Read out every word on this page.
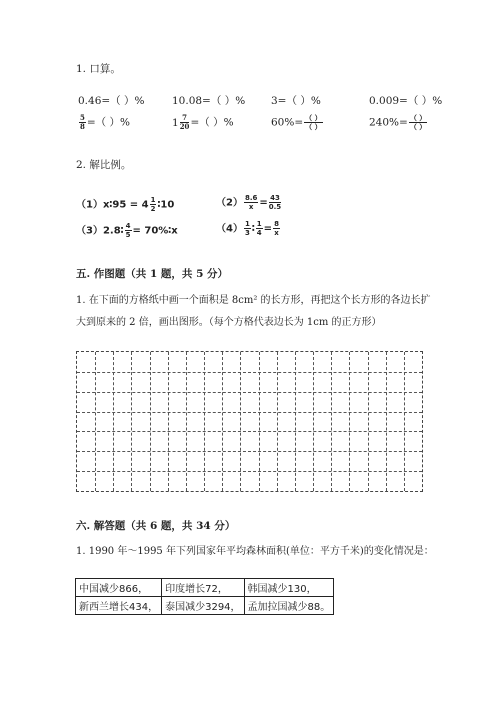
1. 口算。
0.46=（ ）%	10.08=（ ）% 3=（ ）%	0.009=（ ）%
$\frac{5}{8}$ =（ ）%	$1 \frac{7}{20}$ =（ ）%	$60\%= \frac{( )}{( )}$	$240\%= \frac{( )}{( )}$
2. 解比例。
（1）x∶95 = $4 \frac{1}{2}$ ∶10	$(2) \frac{8.6}{x} = \frac{43}{0.5}$
（3）2.8∶ $\frac{4}{5}$ = 70%∶x	$(4) \frac{1}{3}$ ∶ $\frac{1}{4} = \frac{8}{x}$
五. 作图题（共 1 题，共 5 分）
1. 在下面的方格纸中画一个面积是 8cm² 的长方形，再把这个长方形的各边长扩
大到原来的 2 倍，画出图形。（每个方格代表边长为 1cm 的正方形）
六. 解答题（共 6 题，共 34 分）
1. 1990 年～1995 年下列国家年平均森林面积(单位：平方千米)的变化情况是：
中国减少866，	印度增长72，	韩国减少130，
新西兰增长434，	泰国减少3294，	孟加拉国减少88。
